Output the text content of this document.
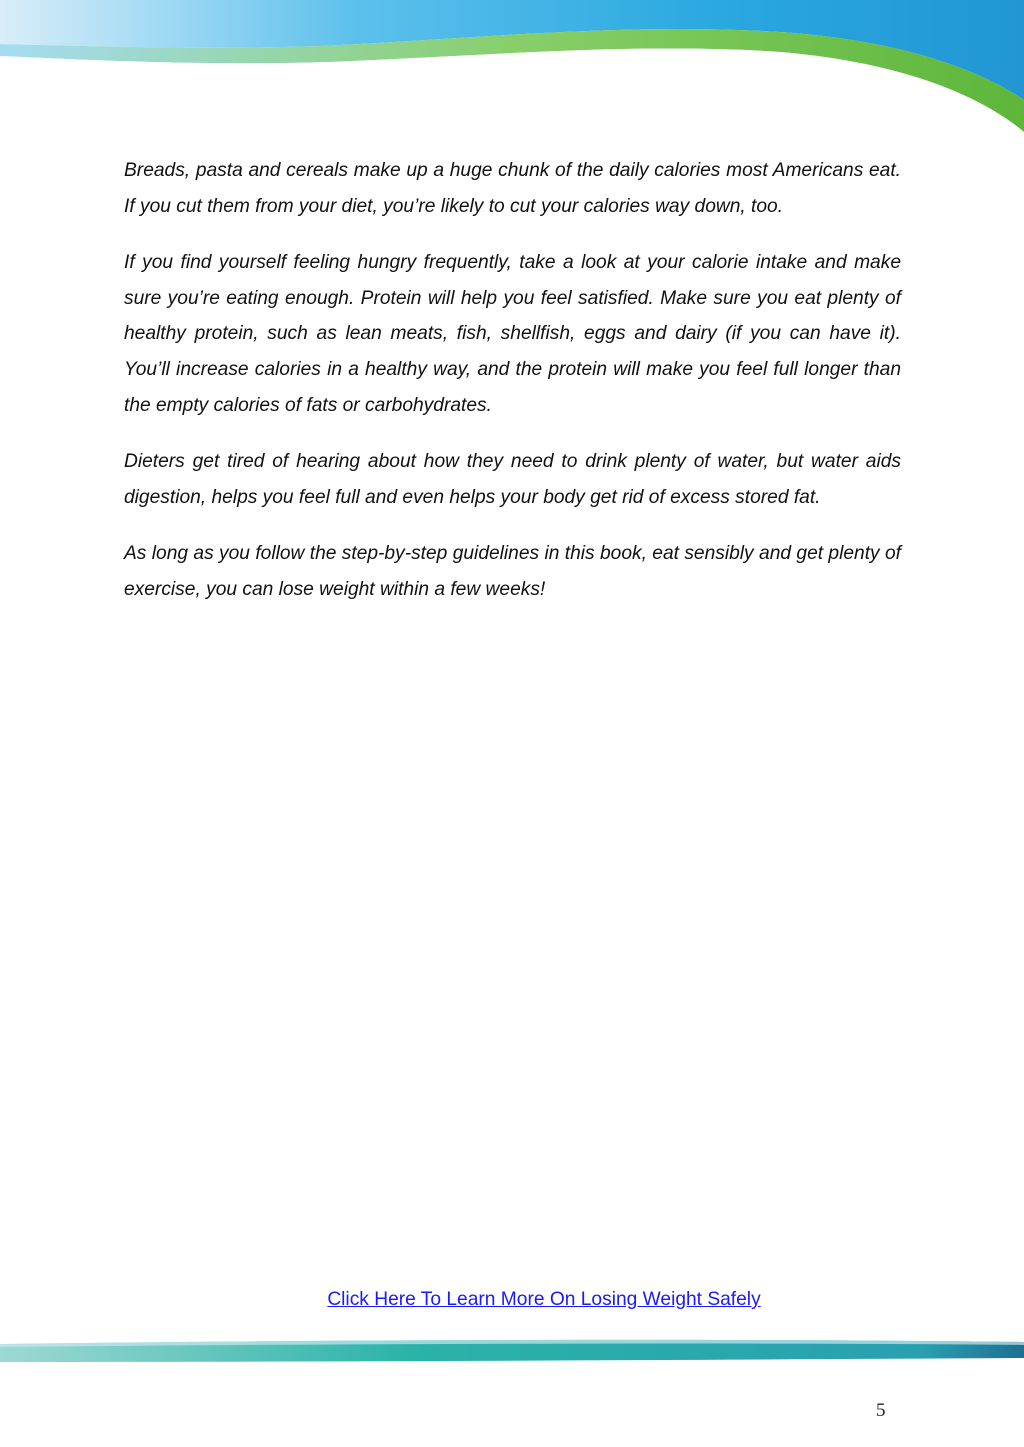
Breads, pasta and cereals make up a huge chunk of the daily calories most Americans eat. If you cut them from your diet, you’re likely to cut your calories way down, too.

If you find yourself feeling hungry frequently, take a look at your calorie intake and make sure you’re eating enough. Protein will help you feel satisfied. Make sure you eat plenty of healthy protein, such as lean meats, fish, shellfish, eggs and dairy (if you can have it). You’ll increase calories in a healthy way, and the protein will make you feel full longer than the empty calories of fats or carbohydrates.

Dieters get tired of hearing about how they need to drink plenty of water, but water aids digestion, helps you feel full and even helps your body get rid of excess stored fat.

As long as you follow the step-by-step guidelines in this book, eat sensibly and get plenty of exercise, you can lose weight within a few weeks!

Click Here To Learn More On Losing Weight Safely
5
